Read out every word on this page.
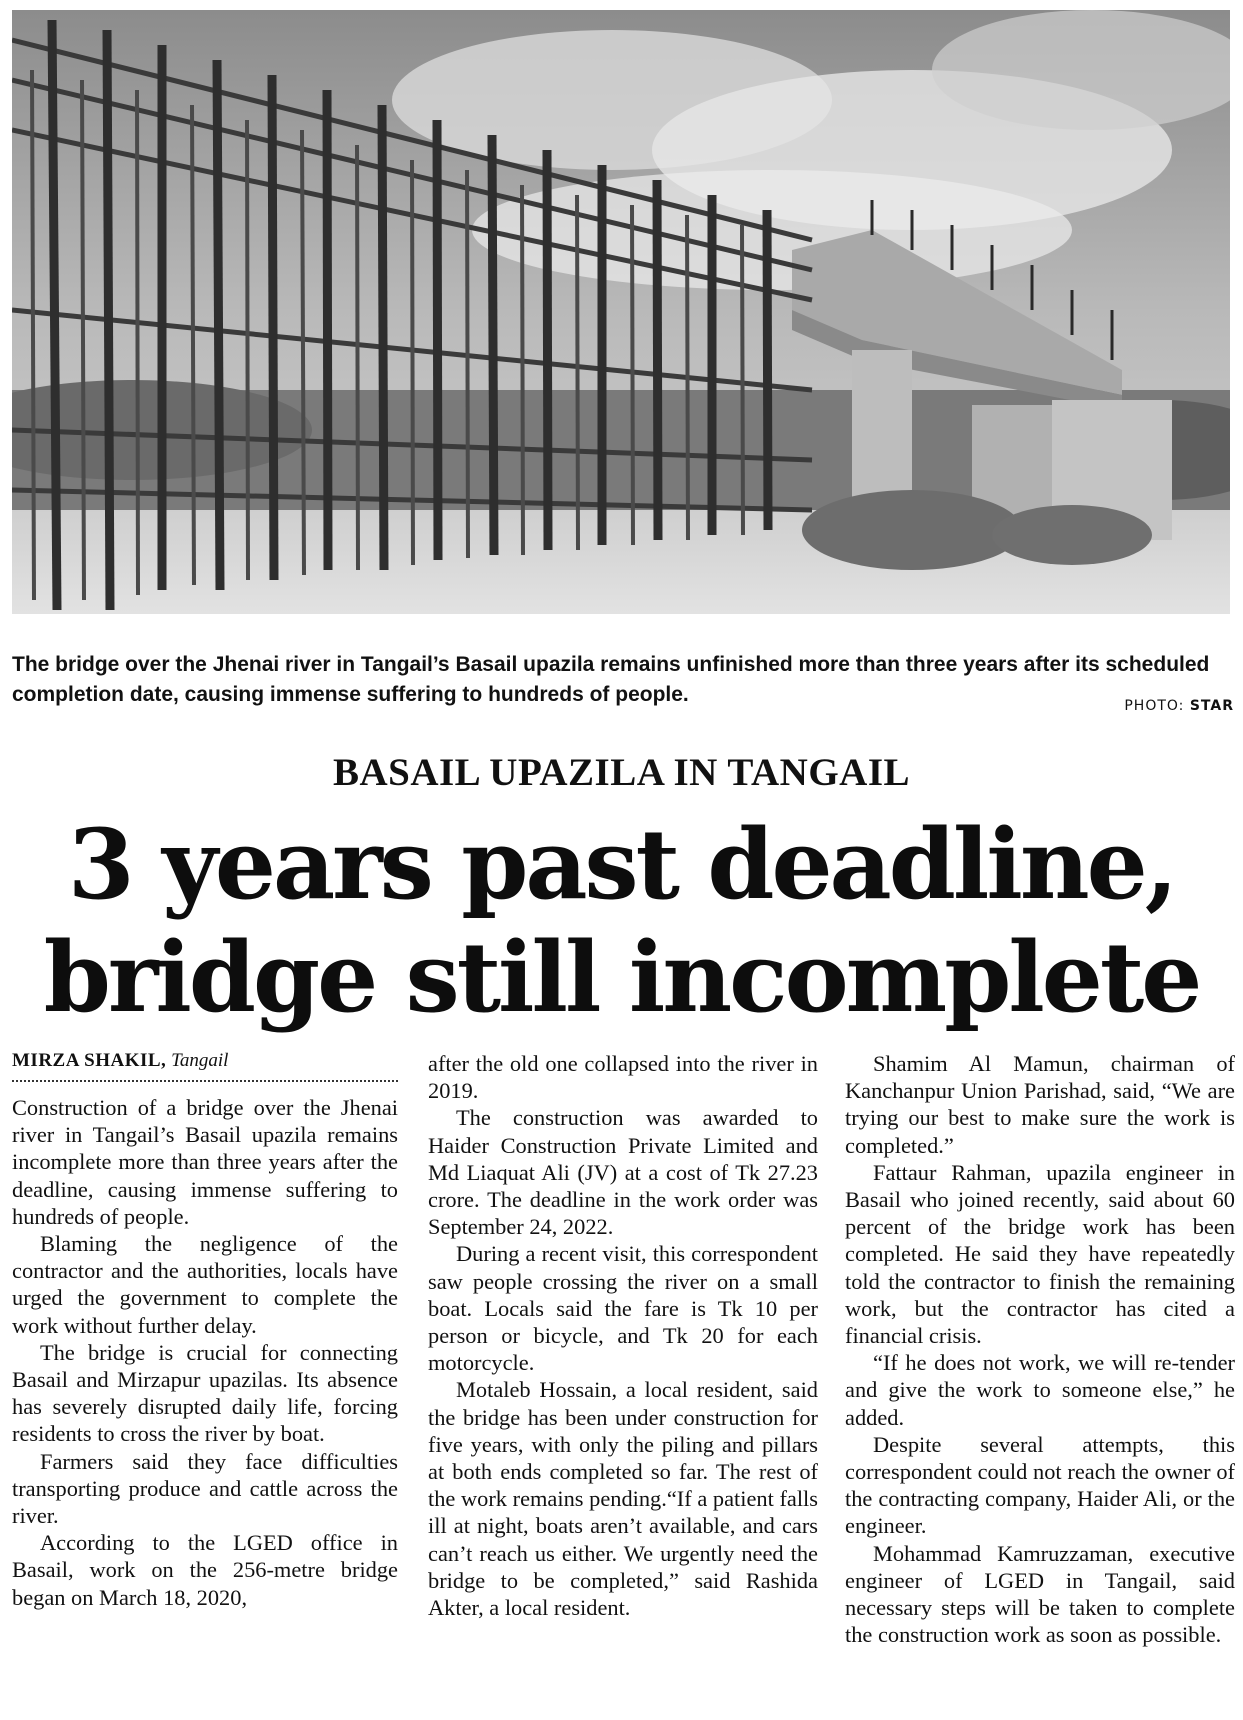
The bridge over the Jhenai river in Tangail’s Basail upazila remains unfinished more than three years after its scheduled completion date, causing immense suffering to hundreds of people.	PHOTO: STAR
BASAIL UPAZILA IN TANGAIL
3 years past deadline,
bridge still incomplete
MIRZA SHAKIL, Tangail

Construction of a bridge over the Jhenai river in Tangail’s Basail upazila remains incomplete more than three years after the deadline, causing immense suffering to hundreds of people.

Blaming the negligence of the contractor and the authorities, locals have urged the government to complete the work without further delay.

The bridge is crucial for connecting Basail and Mirzapur upazilas. Its absence has severely disrupted daily life, forcing residents to cross the river by boat.

Farmers said they face difficulties transporting produce and cattle across the river.

According to the LGED office in Basail, work on the 256-metre bridge began on March 18, 2020,

after the old one collapsed into the river in 2019.

The construction was awarded to Haider Construction Private Limited and Md Liaquat Ali (JV) at a cost of Tk 27.23 crore. The deadline in the work order was September 24, 2022.

During a recent visit, this correspondent saw people crossing the river on a small boat. Locals said the fare is Tk 10 per person or bicycle, and Tk 20 for each motorcycle.

Motaleb Hossain, a local resident, said the bridge has been under construction for five years, with only the piling and pillars at both ends completed so far. The rest of the work remains pending.“If a patient falls ill at night, boats aren’t available, and cars can’t reach us either. We urgently need the bridge to be completed,” said Rashida Akter, a local resident.

Shamim Al Mamun, chairman of Kanchanpur Union Parishad, said, “We are trying our best to make sure the work is completed.”

Fattaur Rahman, upazila engineer in Basail who joined recently, said about 60 percent of the bridge work has been completed. He said they have repeatedly told the contractor to finish the remaining work, but the contractor has cited a financial crisis.

“If he does not work, we will re-tender and give the work to someone else,” he added.

Despite several attempts, this correspondent could not reach the owner of the contracting company, Haider Ali, or the engineer.

Mohammad Kamruzzaman, executive engineer of LGED in Tangail, said necessary steps will be taken to complete the construction work as soon as possible.
